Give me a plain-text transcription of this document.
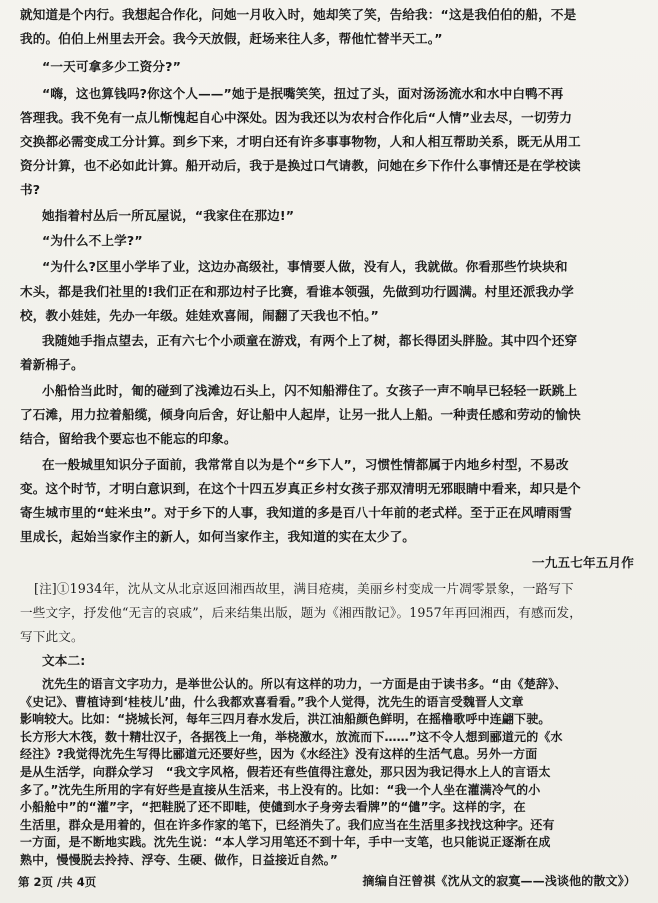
就知道是个内行。我想起合作化，问她一月收入时，她却笑了笑，告给我：“这是我伯伯的船，不是
我的。伯伯上州里去开会。我今天放假，赶场来往人多，帮他忙替半天工。”
“一天可拿多少工资分?”
“嗨，这也算钱吗?你这个人——”她于是抿嘴笑笑，扭过了头，面对汤汤流水和水中白鸭不再
答理我。我不免有一点儿惭愧起自心中深处。因为我还以为农村合作化后“人情”业去尽，一切劳力
交换都必需变成工分计算。到乡下来，才明白还有许多事事物物，人和人相互帮助关系，既无从用工
资分计算，也不必如此计算。船开动后，我于是换过口气请教，问她在乡下作什么事情还是在学校读
书?
她指着村丛后一所瓦屋说，“我家住在那边!”
“为什么不上学?”
“为什么?区里小学毕了业，这边办高级社，事情要人做，没有人，我就做。你看那些竹块块和
木头，都是我们社里的!我们正在和那边村子比赛，看谁本领强，先做到功行圆满。村里还派我办学
校，教小娃娃，先办一年级。娃娃欢喜闹，闹翻了天我也不怕。”
我随她手指点望去，正有六七个小顽童在游戏，有两个上了树，都长得团头胖脸。其中四个还穿
着新棉子。
小船恰当此时，匍的碰到了浅滩边石头上，闪不知船滞住了。女孩子一声不响早已轻轻一跃跳上
了石滩，用力拉着船缆，倾身向后舍，好让船中人起岸，让另一批人上船。一种责任感和劳动的愉快
结合，留给我个要忘也不能忘的印象。
在一般城里知识分子面前，我常常自以为是个“乡下人”，习惯性情都属于内地乡村型，不易改
变。这个时节，才明白意识到，在这个十四五岁真正乡村女孩子那双清明无邪眼睛中看来，却只是个
寄生城市里的“蛀米虫”。对于乡下的人事，我知道的多是百八十年前的老式样。至于正在风晴雨雪
里成长，起始当家作主的新人，如何当家作主，我知道的实在太少了。
一九五七年五月作
[注]①1934年，沈从文从北京返回湘西故里，满目疮痍，美丽乡村变成一片凋零景象，一路写下
一些文字，抒发他“无言的哀戚”，后来结集出版，题为《湘西散记》。1957年再回湘西，有感而发，
写下此文。
文本二:
沈先生的语言文字功力，是举世公认的。所以有这样的功力，一方面是由于读书多。“由《楚辞》、
《史记》、曹植诗到‘桂枝儿’曲，什么我都欢喜看看。”我个人觉得，沈先生的语言受魏晋人文章
影响较大。比如：“挠城长河，每年三四月春水发后，洪江油船颜色鲜明，在摇橹歌呼中连翩下驶。
长方形大木筏，数十精壮汉子，各据筏上一角，举桡激水，放流而下……”这不令人想到郦道元的《水
经注》?我觉得沈先生写得比郦道元还要好些，因为《水经注》没有这样的生活气息。另外一方面
是从生活学，向群众学习　“我文字风格，假若还有些值得注意处，那只因为我记得水上人的言语太
多了。”沈先生所用的字有好些是直接从生活来，书上没有的。比如：“我一个人坐在灌满冷气的小
小船舱中”的“灌”字，“把鞋脱了还不即畦，使儙到水子身旁去看牌”的“儙”字。这样的字，在
生活里，群众是用着的，但在许多作家的笔下，已经消失了。我们应当在生活里多找找这种字。还有
一方面，是不断地实践。沈先生说：“本人学习用笔还不到十年，手中一支笔，也只能说正逐渐在成
熟中，慢慢脱去拎持、浮夸、生硬、做作，日益接近自然。”
第 2页 /共 4页	摘编自汪曾祺《沈从文的寂寞——浅谈他的散文》）
